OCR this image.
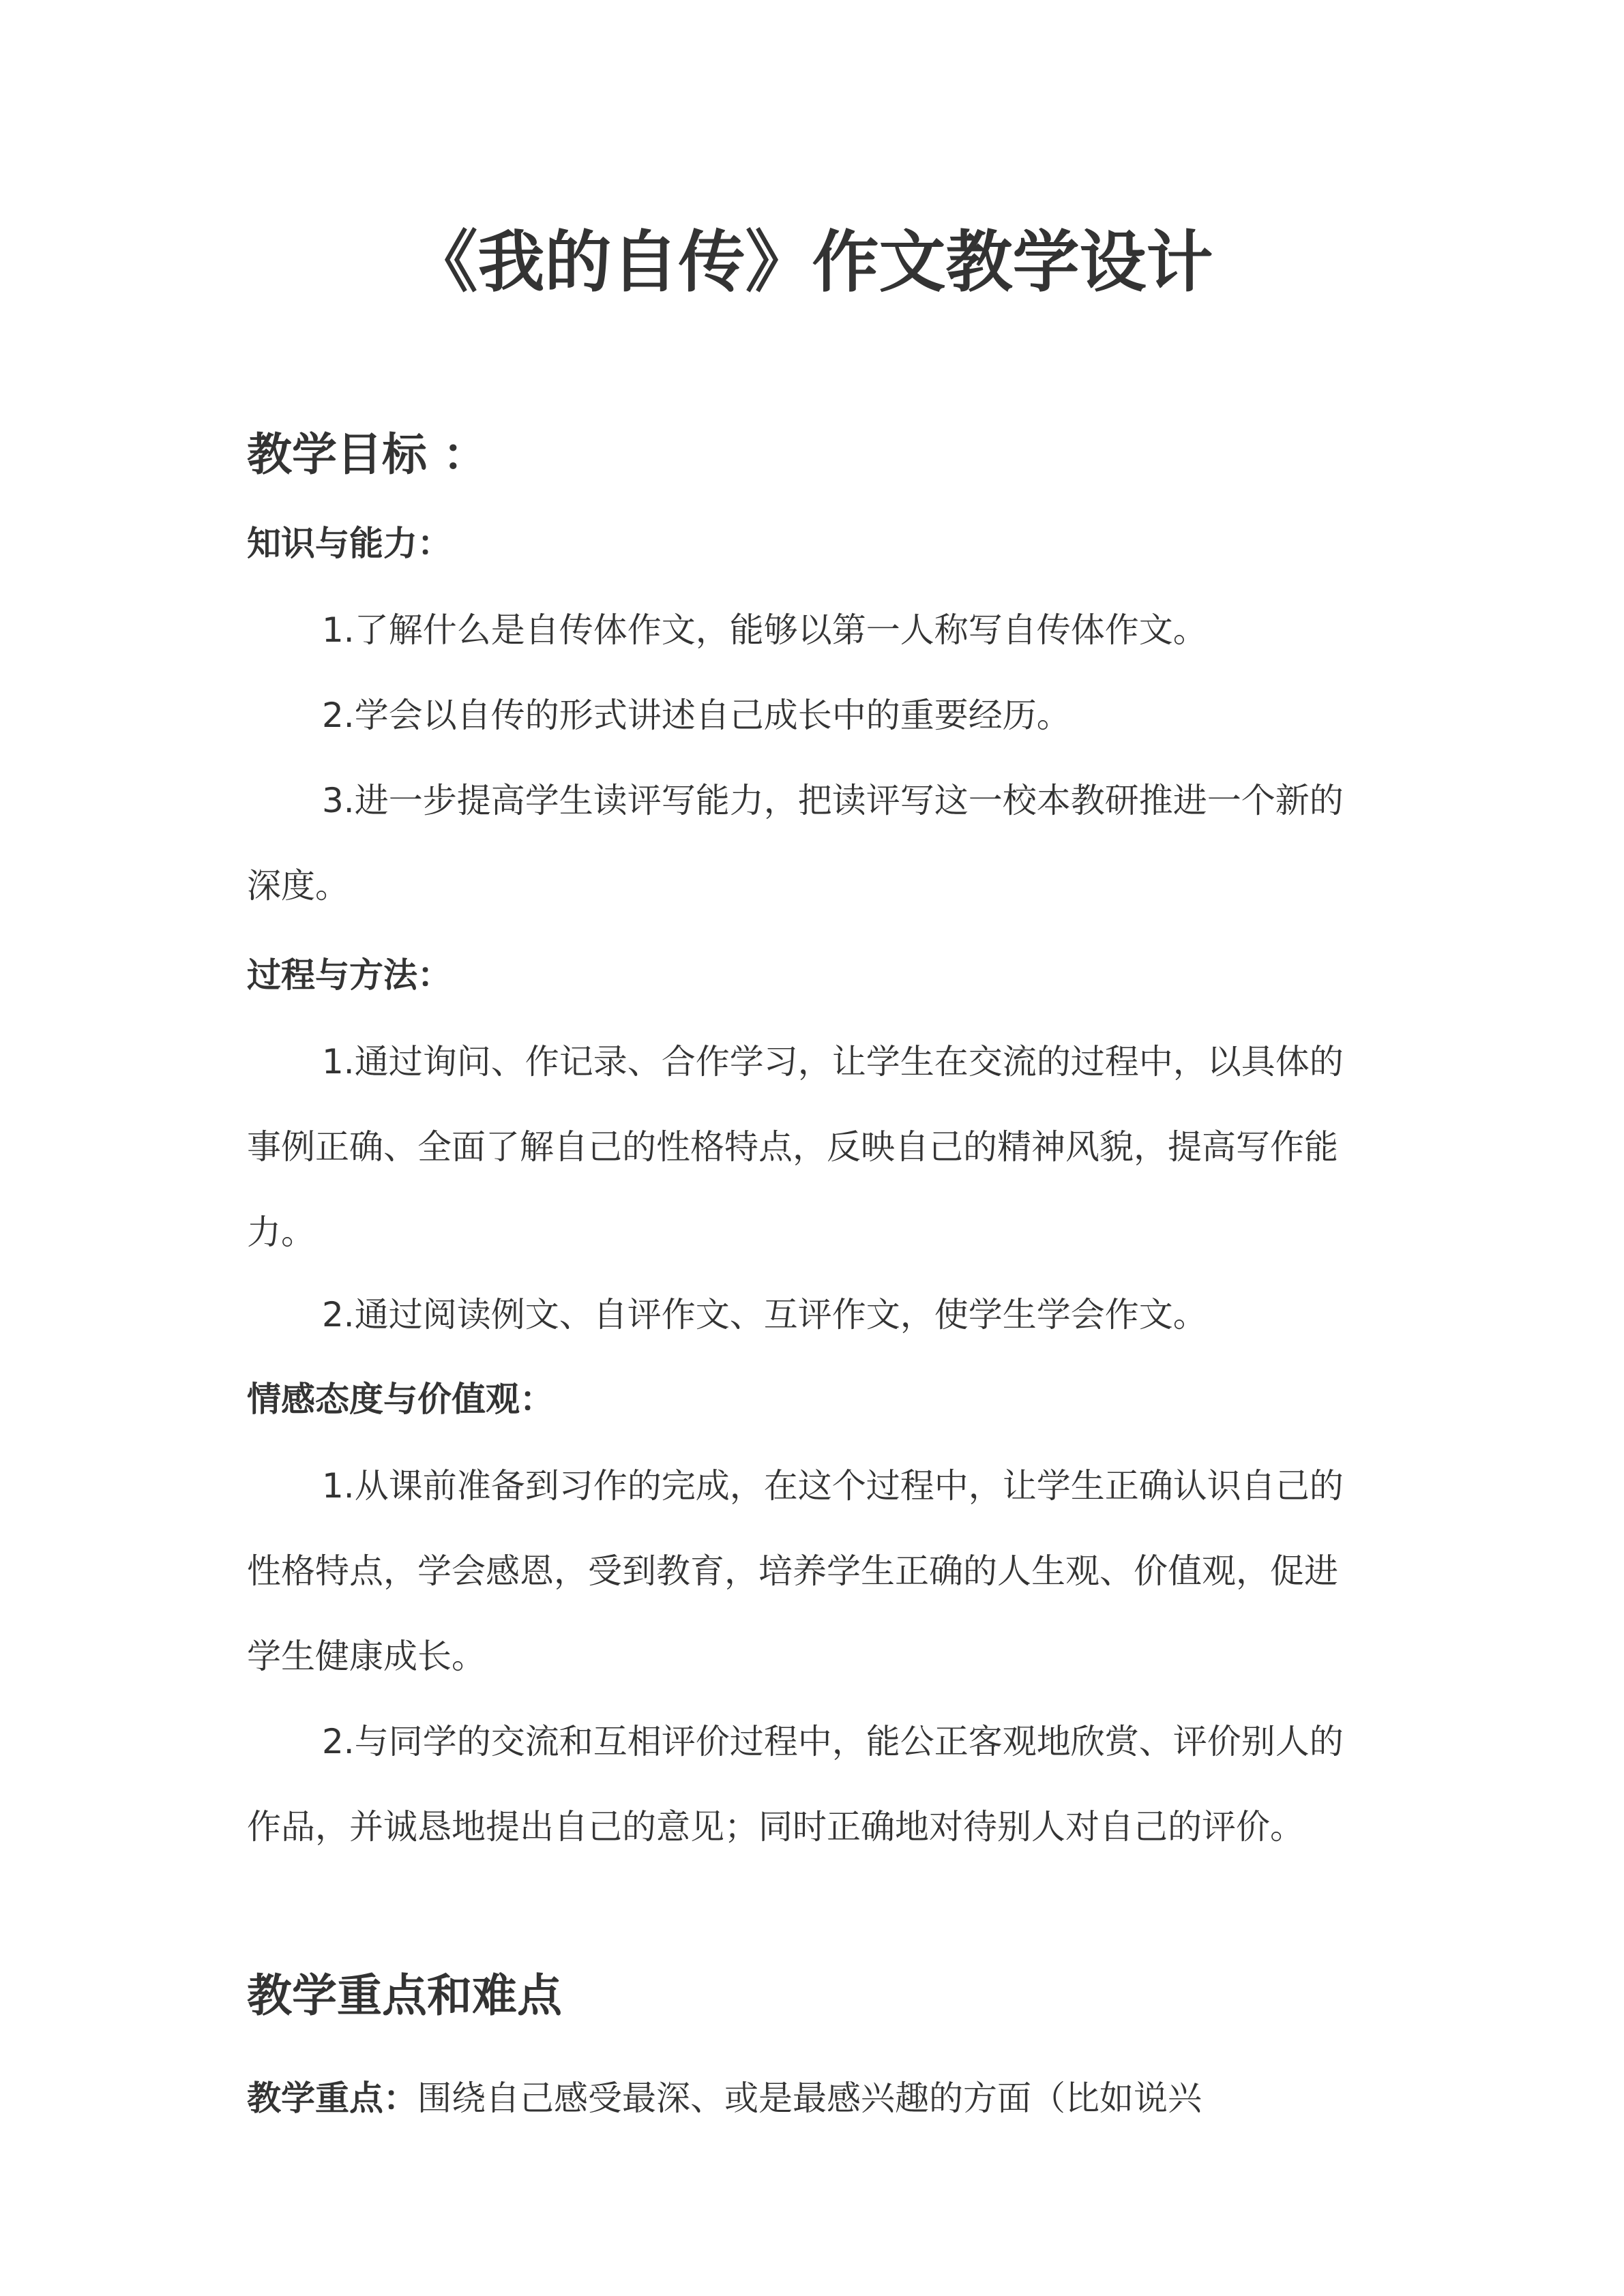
《我的自传》作文教学设计
教学目标 ：
知识与能力：

1.了解什么是自传体作文，能够以第一人称写自传体作文。

2.学会以自传的形式讲述自己成长中的重要经历。

3.进一步提高学生读评写能力，把读评写这一校本教研推进一个新的深度。

过程与方法：

1.通过询问、作记录、合作学习，让学生在交流的过程中，以具体的事例正确、全面了解自己的性格特点，反映自己的精神风貌，提高写作能力。

2.通过阅读例文、自评作文、互评作文，使学生学会作文。

情感态度与价值观：

1.从课前准备到习作的完成，在这个过程中，让学生正确认识自己的性格特点，学会感恩，受到教育，培养学生正确的人生观、价值观，促进学生健康成长。

2.与同学的交流和互相评价过程中，能公正客观地欣赏、评价别人的作品，并诚恳地提出自己的意见；同时正确地对待别人对自己的评价。

教学重点和难点

教学重点：围绕自己感受最深、或是最感兴趣的方面（比如说兴
